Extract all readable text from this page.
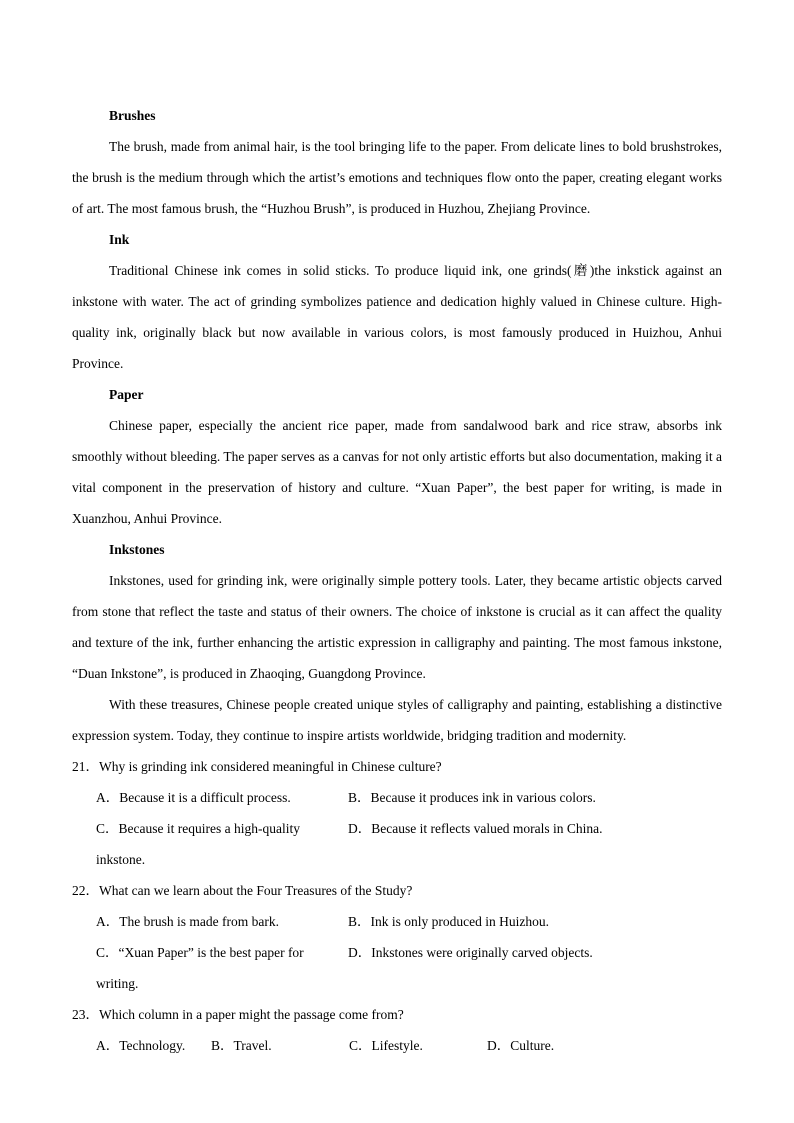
Brushes

The brush, made from animal hair, is the tool bringing life to the paper. From delicate lines to bold brushstrokes, the brush is the medium through which the artist’s emotions and techniques flow onto the paper, creating elegant works of art. The most famous brush, the “Huzhou Brush”, is produced in Huzhou, Zhejiang Province.

Ink

Traditional Chinese ink comes in solid sticks. To produce liquid ink, one grinds(磨)the inkstick against an inkstone with water. The act of grinding symbolizes patience and dedication highly valued in Chinese culture. High-quality ink, originally black but now available in various colors, is most famously produced in Huizhou, Anhui Province.

Paper

Chinese paper, especially the ancient rice paper, made from sandalwood bark and rice straw, absorbs ink smoothly without bleeding. The paper serves as a canvas for not only artistic efforts but also documentation, making it a vital component in the preservation of history and culture. “Xuan Paper”, the best paper for writing, is made in Xuanzhou, Anhui Province.

Inkstones

Inkstones, used for grinding ink, were originally simple pottery tools. Later, they became artistic objects carved from stone that reflect the taste and status of their owners. The choice of inkstone is crucial as it can affect the quality and texture of the ink, further enhancing the artistic expression in calligraphy and painting. The most famous inkstone, “Duan Inkstone”, is produced in Zhaoqing, Guangdong Province.

With these treasures, Chinese people created unique styles of calligraphy and painting, establishing a distinctive expression system. Today, they continue to inspire artists worldwide, bridging tradition and modernity.

21．Why is grinding ink considered meaningful in Chinese culture?

A．Because it is a difficult process.	B．Because it produces ink in various colors.
C．Because it requires a high-quality inkstone.
D．Because it reflects valued morals in China.

22．What can we learn about the Four Treasures of the Study?

A．The brush is made from bark.	B．Ink is only produced in Huizhou.
C．“Xuan Paper” is the best paper for writing.
D．Inkstones were originally carved objects.

23．Which column in a paper might the passage come from?

A．Technology.	B．Travel.	C．Lifestyle.	D．Culture.
